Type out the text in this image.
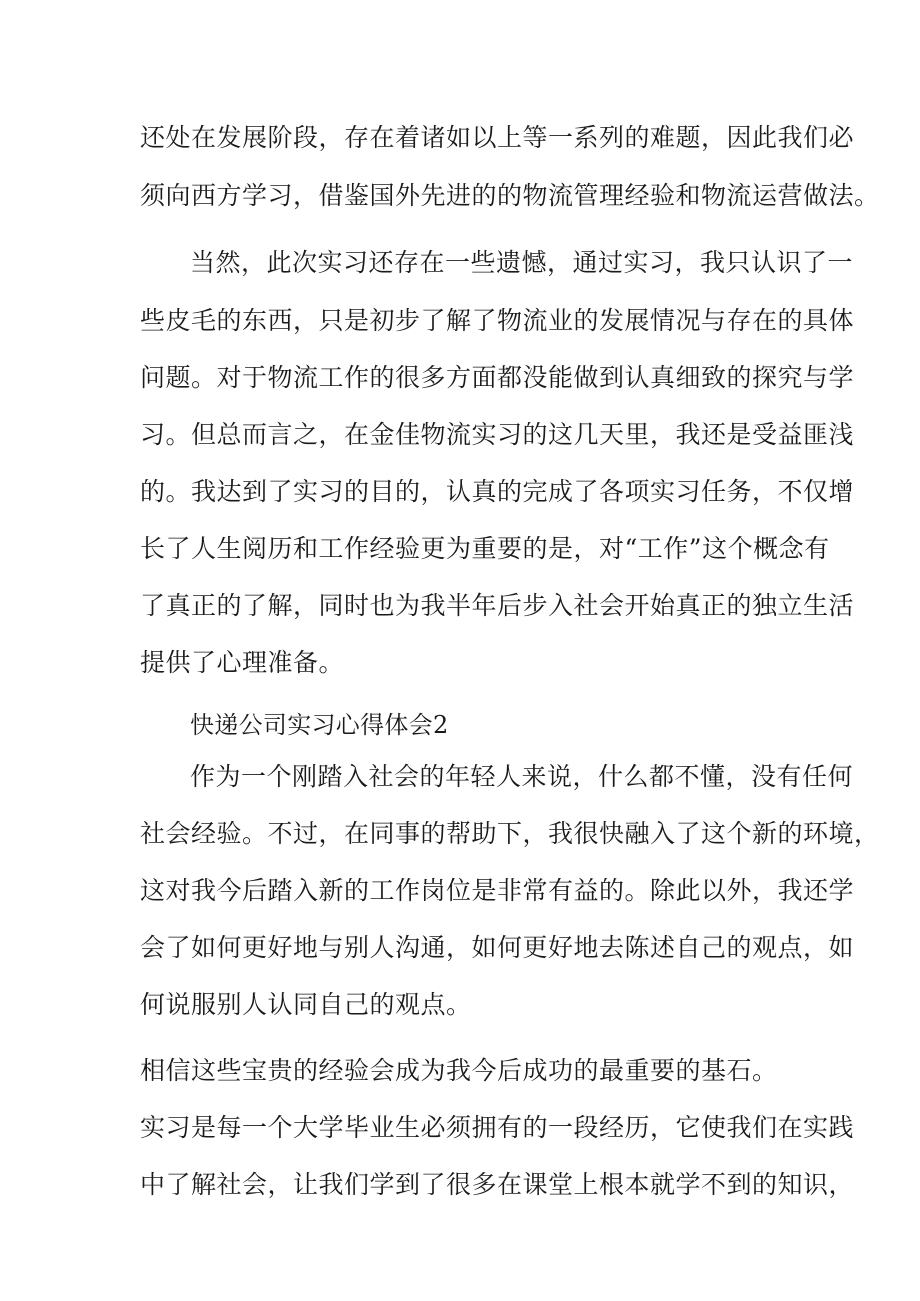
还处在发展阶段，存在着诸如以上等一系列的难题，因此我们必
须向西方学习，借鉴国外先进的的物流管理经验和物流运营做法。
当然，此次实习还存在一些遗憾，通过实习，我只认识了一
些皮毛的东西，只是初步了解了物流业的发展情况与存在的具体
问题。对于物流工作的很多方面都没能做到认真细致的探究与学
习。但总而言之，在金佳物流实习的这几天里，我还是受益匪浅
的。我达到了实习的目的，认真的完成了各项实习任务，不仅增
长了人生阅历和工作经验更为重要的是，对“工作”这个概念有
了真正的了解，同时也为我半年后步入社会开始真正的独立生活
提供了心理准备。
快递公司实习心得体会2
作为一个刚踏入社会的年轻人来说，什么都不懂，没有任何
社会经验。不过，在同事的帮助下，我很快融入了这个新的环境，
这对我今后踏入新的工作岗位是非常有益的。除此以外，我还学
会了如何更好地与别人沟通，如何更好地去陈述自己的观点，如
何说服别人认同自己的观点。
相信这些宝贵的经验会成为我今后成功的最重要的基石。
实习是每一个大学毕业生必须拥有的一段经历，它使我们在实践
中了解社会，让我们学到了很多在课堂上根本就学不到的知识，
